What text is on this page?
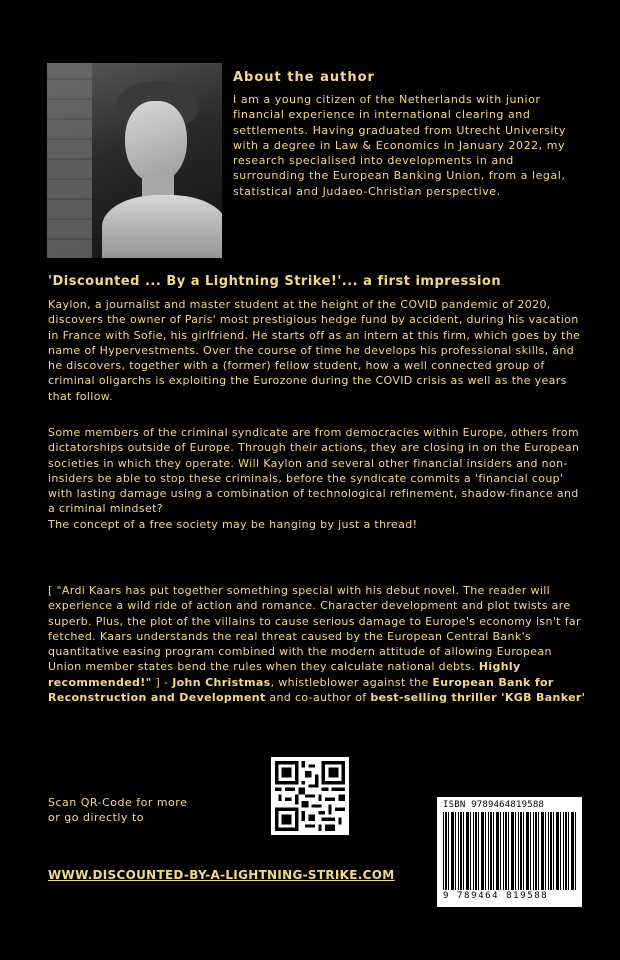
About the author
I am a young citizen of the Netherlands with junior financial experience in international clearing and settlements. Having graduated from Utrecht University with a degree in Law & Economics in January 2022, my research specialised into developments in and surrounding the European Banking Union, from a legal, statistical and Judaeo-Christian perspective.
'Discounted ... By a Lightning Strike!'... a first impression
Kaylon, a journalist and master student at the height of the COVID pandemic of 2020, discovers the owner of Paris' most prestigious hedge fund by accident, during his vacation in France with Sofie, his girlfriend. He starts off as an intern at this firm, which goes by the name of Hypervestments. Over the course of time he develops his professional skills, ánd he discovers, together with a (former) fellow student, how a well connected group of criminal oligarchs is exploiting the Eurozone during the COVID crisis as well as the years that follow.
Some members of the criminal syndicate are from democracies within Europe, others from dictatorships outside of Europe. Through their actions, they are closing in on the European societies in which they operate. Will Kaylon and several other financial insiders and non-insiders be able to stop these criminals, before the syndicate commits a 'financial coup' with lasting damage using a combination of technological refinement, shadow-finance and a criminal mindset?
The concept of a free society may be hanging by just a thread!
[ "Ardi Kaars has put together something special with his debut novel. The reader will experience a wild ride of action and romance. Character development and plot twists are superb. Plus, the plot of the villains to cause serious damage to Europe's economy isn't far fetched. Kaars understands the real threat caused by the European Central Bank's quantitative easing program combined with the modern attitude of allowing European Union member states bend the rules when they calculate national debts. Highly recommended!" ] - John Christmas, whistleblower against the European Bank for Reconstruction and Development and co-author of best-selling thriller 'KGB Banker'
Scan QR-Code for more
or go directly to
WWW.DISCOUNTED-BY-A-LIGHTNING-STRIKE.COM
ISBN 9789464819588
9 789464 819588
